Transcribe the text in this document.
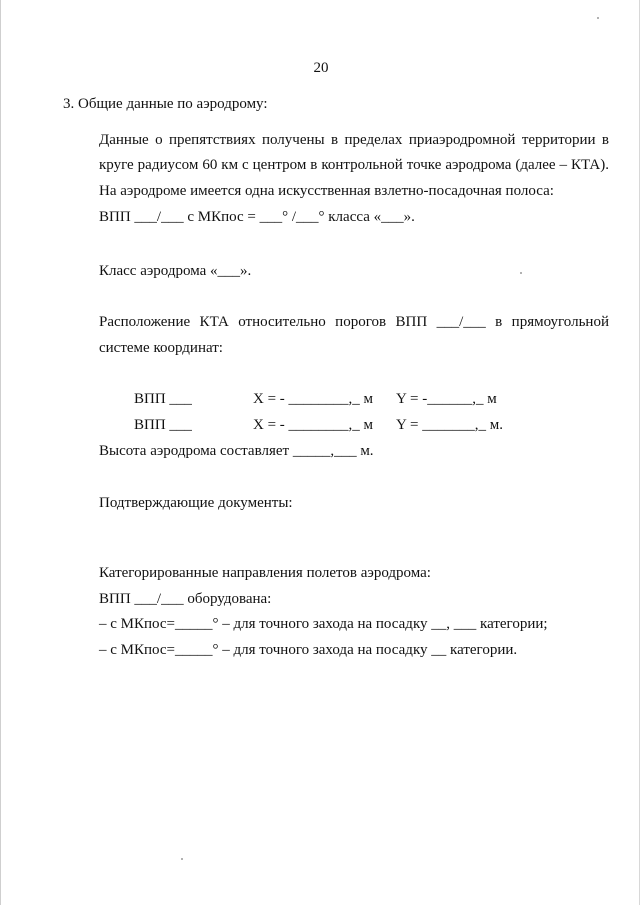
20
3. Общие данные по аэродрому:
Данные о препятствиях получены в пределах приаэродромной территории в
круге радиусом 60 км с центром в контрольной точке аэродрома (далее – КТА).
На аэродроме имеется одна искусственная взлетно-посадочная полоса:
ВПП ___/___ с МКпос = ___° /___° класса «___».
Класс аэродрома «___».
Расположение КТА относительно порогов ВПП ___/___ в прямоугольной
системе координат:
ВПП ___	X = - ________,_ м Y = -______,_ м
ВПП ___	X = - ________,_ м Y = _______,_ м.
Высота аэродрома составляет _____,___ м.
Подтверждающие документы:
Категорированные направления полетов аэродрома:
ВПП ___/___ оборудована:
– с МКпос=_____° – для точного захода на посадку __, ___ категории;
– с МКпос=_____° – для точного захода на посадку __ категории.
